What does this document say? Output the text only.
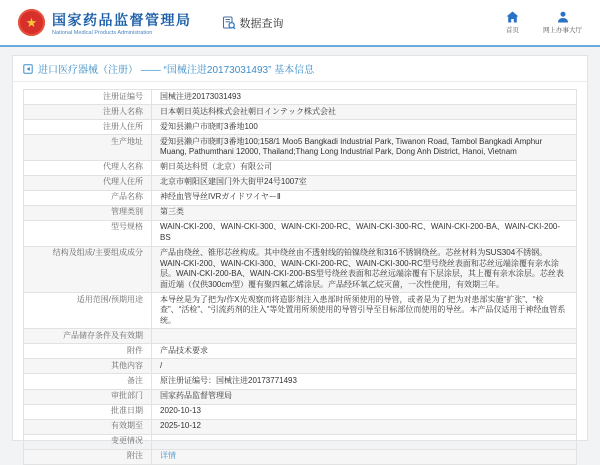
★ 国家药品监督管理局
National Medical Products Administration
数据查询
首页	网上办事大厅
进口医疗器械（注册） —— “国械注进20173031493” 基本信息
注册证编号	国械注进20173031493
注册人名称	日本朝日英达科株式会社朝日インテック株式会社
注册人住所	爱知县濑户市晓町3番地100
生产地址	爱知县濑户市晓町3番地100;158/1 Moo5 Bangkadi Industrial Park, Tiwanon Road, Tambol Bangkadi Amphur Muang, Pathumthani 12000, Thailand;Thang Long Industrial Park, Dong Anh District, Hanoi, Vietnam
代理人名称	朝日英达科贸（北京）有限公司
代理人住所	北京市朝阳区建国门外大街甲24号1007室
产品名称	神经血管导丝IVRガイドワイヤーⅡ
管理类别	第三类
型号规格	WAIN-CKI-200、WAIN-CKI-300、WAIN-CKI-200-RC、WAIN-CKI-300-RC、WAIN-CKI-200-BA、WAIN-CKI-200-BS
结构及组成/主要组成成分	产品由绕丝、锥形芯丝构成。其中绕丝由不透射线的铂镍绕丝和316不锈钢绕丝。芯丝材料为SUS304不锈钢。WAIN-CKI-200、WAIN-CKI-300、WAIN-CKI-200-RC、WAIN-CKI-300-RC型号绕丝表面和芯丝远端涂覆有亲水涂层。WAIN-CKI-200-BA、WAIN-CKI-200-BS型号绕丝表面和芯丝远端涂覆有下层涂层，其上覆有亲水涂层。芯丝表面近端（仅供300cm型）覆有聚四氟乙烯涂层。产品经环氧乙烷灭菌，一次性使用，有效期三年。
适用范围/预期用途	本导丝是为了把为/作X光观察而将造影剂注入患部时所须使用的导管，或者是为了把为对患部实施“扩张”、“检查”、“活检”、“引流药剂的注入”等处置用所须使用的导管引导至目标部位而使用的导丝。本产品仅适用于神经血管系统。
产品储存条件及有效期
附件	产品技术要求
其他内容	/
备注	原注册证编号：国械注进20173771493
审批部门	国家药品监督管理局
批准日期	2020-10-13
有效期至	2025-10-12
变更情况
附注	详情
